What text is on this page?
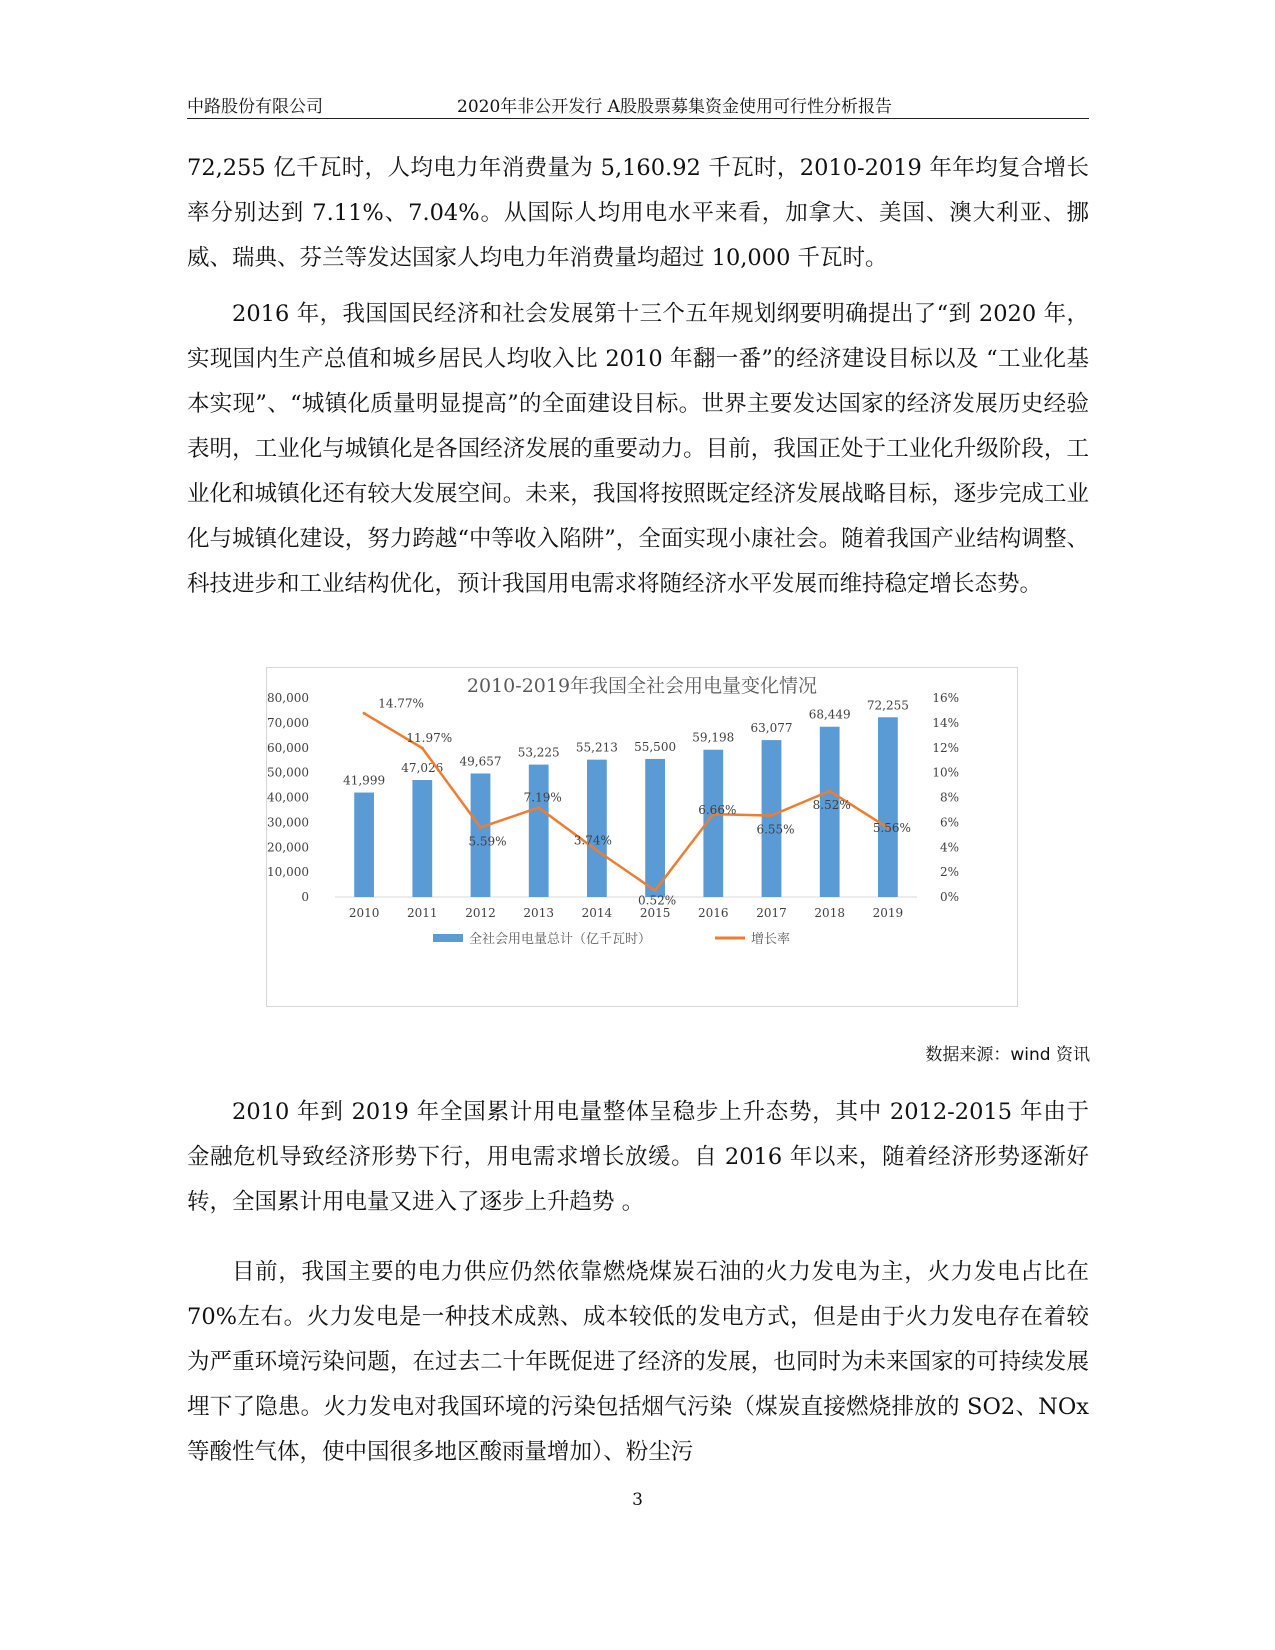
中路股份有限公司	2020年非公开发行 A股股票募集资金使用可行性分析报告

72,255 亿千瓦时，人均电力年消费量为 5,160.92 千瓦时，2010-2019 年年均复合增长率分别达到 7.11%、7.04%。从国际人均用电水平来看，加拿大、美国、澳大利亚、挪威、瑞典、芬兰等发达国家人均电力年消费量均超过 10,000 千瓦时。

2016 年，我国国民经济和社会发展第十三个五年规划纲要明确提出了“到 2020 年，实现国内生产总值和城乡居民人均收入比 2010 年翻一番”的经济建设目标以及 “工业化基本实现”、“城镇化质量明显提高”的全面建设目标。世界主要发达国家的经济发展历史经验表明，工业化与城镇化是各国经济发展的重要动力。目前，我国正处于工业化升级阶段，工业化和城镇化还有较大发展空间。未来，我国将按照既定经济发展战略目标，逐步完成工业化与城镇化建设，努力跨越“中等收入陷阱”，全面实现小康社会。随着我国产业结构调整、科技进步和工业结构优化，预计我国用电需求将随经济水平发展而维持稳定增长态势。

2010-2019年我国全社会用电量变化情况
0
10,000
20,000
30,000
40,000
50,000
60,000
70,000
80,000
0%
2%
4%
6%
8%
10%
12%
14%
16%
41,999
47,026 49,657
53,225 55,213 55,500
59,198
63,077
68,449
72,255
2010 2011 2012 2013 2014 2015 2016 2017 2018 2019
14.77%
11.97%
5.59%
7.19%
3.74%
0.52%
6.66%
6.55%
8.52%
5.56%
全社会用电量总计（亿千瓦时）	增长率
数据来源：wind 资讯

2010 年到 2019 年全国累计用电量整体呈稳步上升态势，其中 2012-2015 年由于金融危机导致经济形势下行，用电需求增长放缓。自 2016 年以来，随着经济形势逐渐好转，全国累计用电量又进入了逐步上升趋势 。

目前，我国主要的电力供应仍然依靠燃烧煤炭石油的火力发电为主，火力发电占比在 70%左右。火力发电是一种技术成熟、成本较低的发电方式，但是由于火力发电存在着较为严重环境污染问题，在过去二十年既促进了经济的发展，也同时为未来国家的可持续发展埋下了隐患。火力发电对我国环境的污染包括烟气污染（煤炭直接燃烧排放的 SO2、NOx 等酸性气体，使中国很多地区酸雨量增加）、粉尘污

3
